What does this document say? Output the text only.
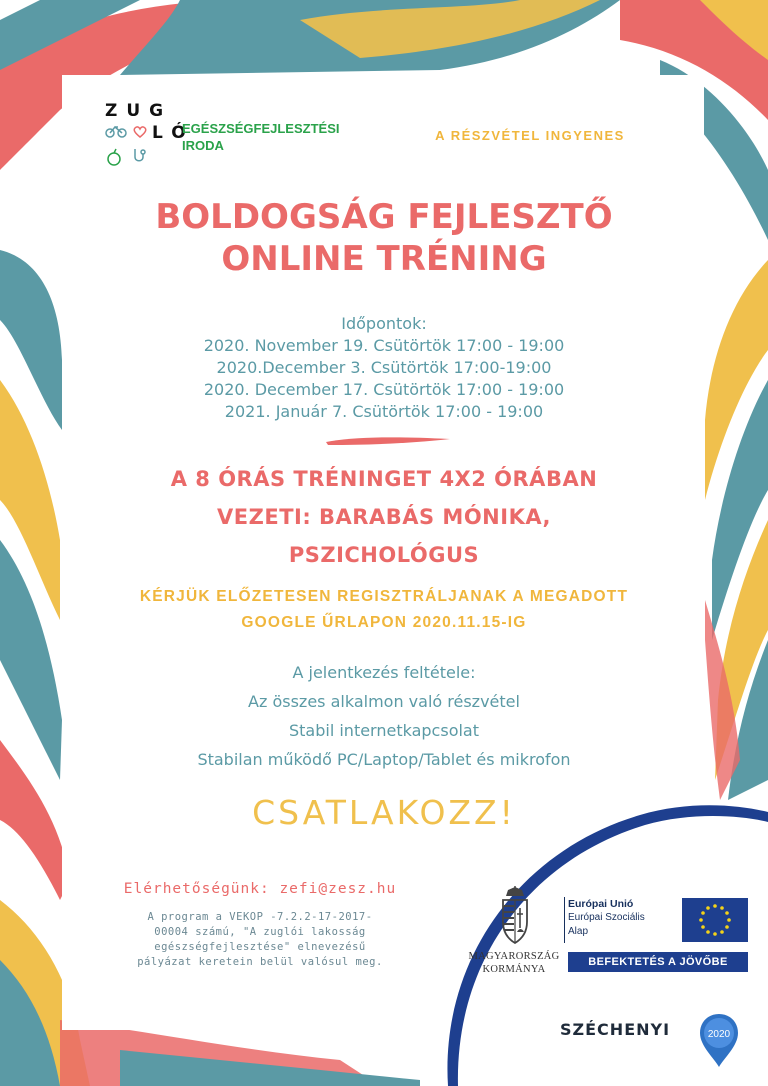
ZUG
LÓ
EGÉSZSÉGFEJLESZTÉSI
IRODA
A RÉSZVÉTEL INGYENES
BOLDOGSÁG FEJLESZTŐ
ONLINE TRÉNING
Időpontok:
2020. November 19. Csütörtök 17:00 - 19:00
2020.December 3. Csütörtök 17:00-19:00
2020. December 17. Csütörtök 17:00 - 19:00
2021. Január 7. Csütörtök 17:00 - 19:00
A 8 ÓRÁS TRÉNINGET 4X2 ÓRÁBAN
VEZETI: BARABÁS MÓNIKA,
PSZICHOLÓGUS
KÉRJÜK ELŐZETESEN REGISZTRÁLJANAK A MEGADOTT
GOOGLE ŰRLAPON 2020.11.15-IG
A jelentkezés feltétele:
Az összes alkalmon való részvétel
Stabil internetkapcsolat
Stabilan működő PC/Laptop/Tablet és mikrofon
CSATLAKOZZ!
Elérhetőségünk: zefi@zesz.hu
A program a VEKOP -7.2.2-17-2017-
00004 számú, "A zuglói lakosság
egészségfejlesztése" elnevezésű
pályázat keretein belül valósul meg.	MAGYARORSZÁG
KORMÁNYA
Európai Unió
Európai Szociális
Alap
BEFEKTETÉS A JÖVŐBE
SZÉCHENYI	2020
